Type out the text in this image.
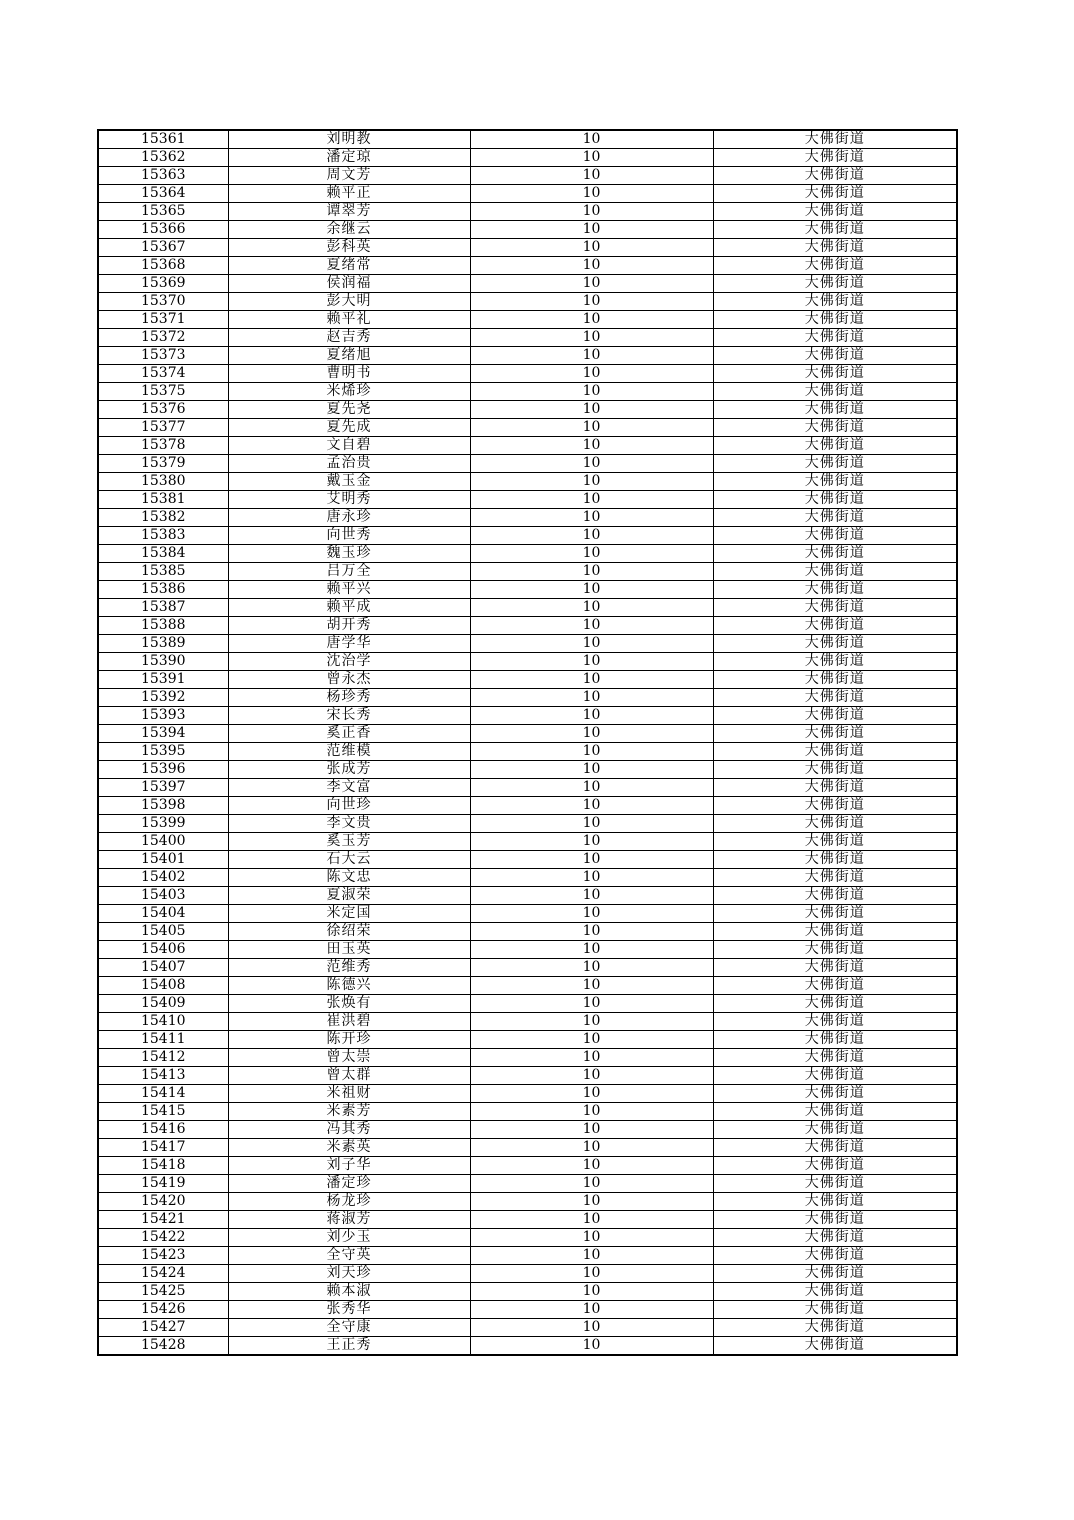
15361	刘明教	10	大佛街道
15362	潘定琼	10	大佛街道
15363	周文芳	10	大佛街道
15364	赖平正	10	大佛街道
15365	谭翠芳	10	大佛街道
15366	余继云	10	大佛街道
15367	彭科英	10	大佛街道
15368	夏绪常	10	大佛街道
15369	侯润福	10	大佛街道
15370	彭大明	10	大佛街道
15371	赖平礼	10	大佛街道
15372	赵吉秀	10	大佛街道
15373	夏绪旭	10	大佛街道
15374	曹明书	10	大佛街道
15375	米烯珍	10	大佛街道
15376	夏先尧	10	大佛街道
15377	夏先成	10	大佛街道
15378	文自碧	10	大佛街道
15379	孟治贵	10	大佛街道
15380	戴玉金	10	大佛街道
15381	艾明秀	10	大佛街道
15382	唐永珍	10	大佛街道
15383	向世秀	10	大佛街道
15384	魏玉珍	10	大佛街道
15385	吕万全	10	大佛街道
15386	赖平兴	10	大佛街道
15387	赖平成	10	大佛街道
15388	胡开秀	10	大佛街道
15389	唐学华	10	大佛街道
15390	沈治学	10	大佛街道
15391	曾永杰	10	大佛街道
15392	杨珍秀	10	大佛街道
15393	宋长秀	10	大佛街道
15394	奚正香	10	大佛街道
15395	范维模	10	大佛街道
15396	张成芳	10	大佛街道
15397	李文富	10	大佛街道
15398	向世珍	10	大佛街道
15399	李文贵	10	大佛街道
15400	奚玉芳	10	大佛街道
15401	石大云	10	大佛街道
15402	陈文忠	10	大佛街道
15403	夏淑荣	10	大佛街道
15404	米定国	10	大佛街道
15405	徐绍荣	10	大佛街道
15406	田玉英	10	大佛街道
15407	范维秀	10	大佛街道
15408	陈德兴	10	大佛街道
15409	张焕有	10	大佛街道
15410	崔洪碧	10	大佛街道
15411	陈开珍	10	大佛街道
15412	曾太崇	10	大佛街道
15413	曾太群	10	大佛街道
15414	米祖财	10	大佛街道
15415	米素芳	10	大佛街道
15416	冯其秀	10	大佛街道
15417	米素英	10	大佛街道
15418	刘子华	10	大佛街道
15419	潘定珍	10	大佛街道
15420	杨龙珍	10	大佛街道
15421	蒋淑芳	10	大佛街道
15422	刘少玉	10	大佛街道
15423	全守英	10	大佛街道
15424	刘天珍	10	大佛街道
15425	赖本淑	10	大佛街道
15426	张秀华	10	大佛街道
15427	全守康	10	大佛街道
15428	王正秀	10	大佛街道
